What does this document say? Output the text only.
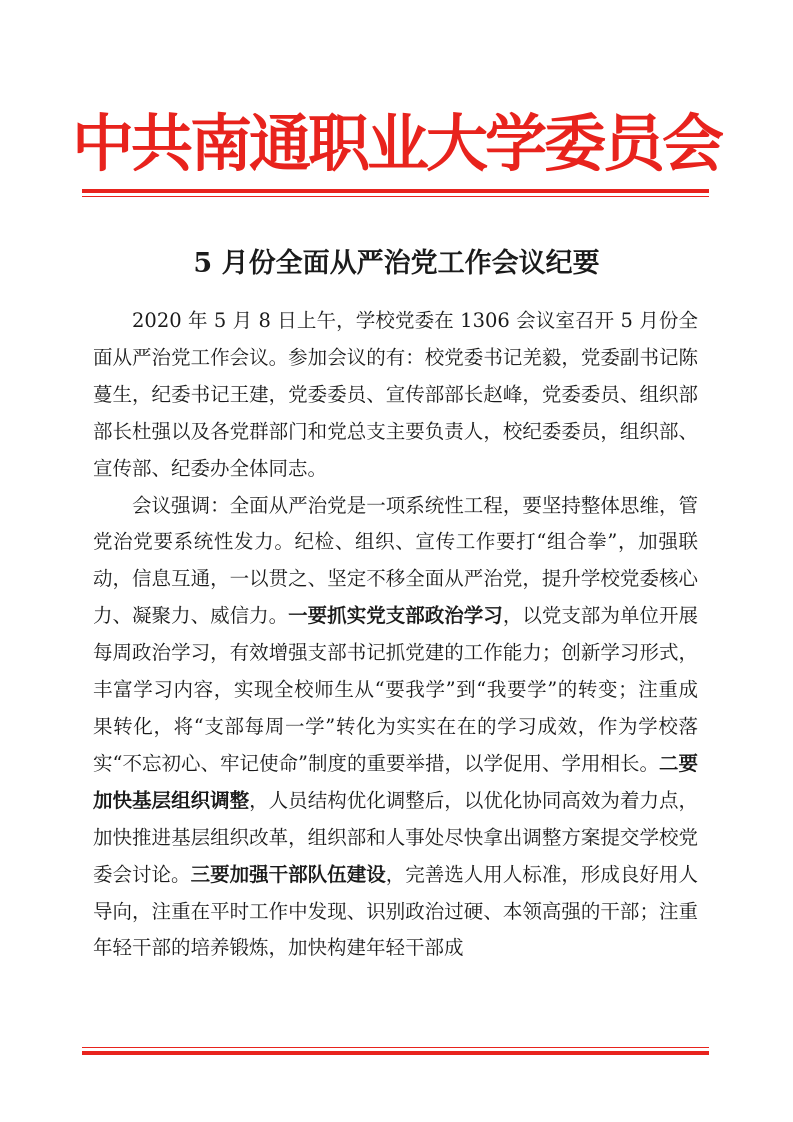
中共南通职业大学委员会
5 月份全面从严治党工作会议纪要

2020 年 5 月 8 日上午，学校党委在 1306 会议室召开 5 月份全面从严治党工作会议。参加会议的有：校党委书记羌毅，党委副书记陈蔓生，纪委书记王建，党委委员、宣传部部长赵峰，党委委员、组织部部长杜强以及各党群部门和党总支主要负责人，校纪委委员，组织部、宣传部、纪委办全体同志。

会议强调：全面从严治党是一项系统性工程，要坚持整体思维，管党治党要系统性发力。纪检、组织、宣传工作要打“组合拳”，加强联动，信息互通，一以贯之、坚定不移全面从严治党，提升学校党委核心力、凝聚力、威信力。一要抓实党支部政治学习，以党支部为单位开展每周政治学习，有效增强支部书记抓党建的工作能力；创新学习形式，丰富学习内容，实现全校师生从“要我学”到“我要学”的转变；注重成果转化，将“支部每周一学”转化为实实在在的学习成效，作为学校落实“不忘初心、牢记使命”制度的重要举措，以学促用、学用相长。二要加快基层组织调整，人员结构优化调整后，以优化协同高效为着力点，加快推进基层组织改革，组织部和人事处尽快拿出调整方案提交学校党委会讨论。三要加强干部队伍建设，完善选人用人标准，形成良好用人导向，注重在平时工作中发现、识别政治过硬、本领高强的干部；注重年轻干部的培养锻炼，加快构建年轻干部成
